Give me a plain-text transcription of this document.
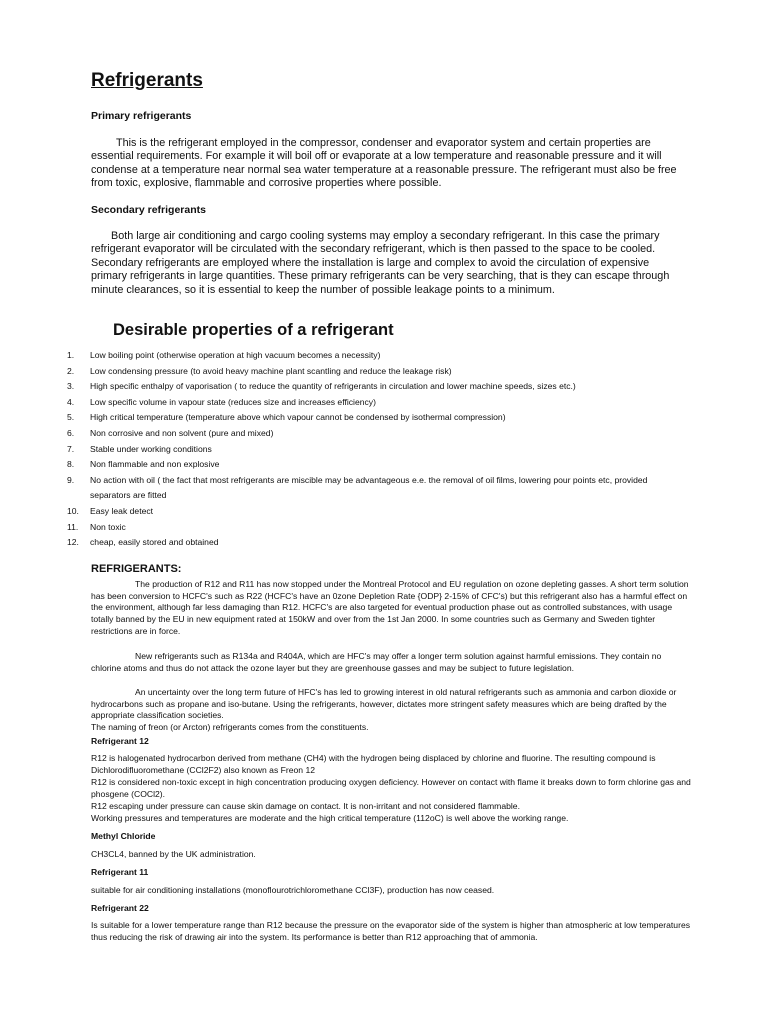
Refrigerants
Primary refrigerants

This is the refrigerant employed in the compressor, condenser and evaporator system and certain properties are essential requirements. For example it will boil off or evaporate at a low temperature and reasonable pressure and it will condense at a temperature near normal sea water temperature at a reasonable pressure. The refrigerant must also be free from toxic, explosive, flammable and corrosive properties where possible.

Secondary refrigerants

Both large air conditioning and cargo cooling systems may employ a secondary refrigerant. In this case the primary refrigerant evaporator will be circulated with the secondary refrigerant, which is then passed to the space to be cooled. Secondary refrigerants are employed where the installation is large and complex to avoid the circulation of expensive primary refrigerants in large quantities. These primary refrigerants can be very searching, that is they can escape through minute clearances, so it is essential to keep the number of possible leakage points to a minimum.

Desirable properties of a refrigerant
1. Low boiling point (otherwise operation at high vacuum becomes a necessity)
2. Low condensing pressure (to avoid heavy machine plant scantling and reduce the leakage risk)
3. High specific enthalpy of vaporisation ( to reduce the quantity of refrigerants in circulation and lower machine speeds, sizes etc.)
4. Low specific volume in vapour state (reduces size and increases efficiency)
5. High critical temperature (temperature above which vapour cannot be condensed by isothermal compression)
6. Non corrosive and non solvent (pure and mixed)
7. Stable under working conditions
8. Non flammable and non explosive
9. No action with oil ( the fact that most refrigerants are miscible may be advantageous e.e. the removal of oil films, lowering pour points etc, provided separators are fitted
10. Easy leak detect
11. Non toxic
12. cheap, easily stored and obtained
REFRIGERANTS:

The production of R12 and R11 has now stopped under the Montreal Protocol and EU regulation on ozone depleting gasses. A short term solution has been conversion to HCFC's such as R22 (HCFC's have an 0zone Depletion Rate {ODP} 2-15% of CFC's) but this refrigerant also has a harmful effect on the environment, although far less damaging than R12. HCFC's are also targeted for eventual production phase out as controlled substances, with usage totally banned by the EU in new equipment rated at 150kW and over from the 1st Jan 2000. In some countries such as Germany and Sweden tighter restrictions are in force.

New refrigerants such as R134a and R404A, which are HFC's may offer a longer term solution against harmful emissions. They contain no chlorine atoms and thus do not attack the ozone layer but they are greenhouse gasses and may be subject to future legislation.

An uncertainty over the long term future of HFC's has led to growing interest in old natural refrigerants such as ammonia and carbon dioxide or hydrocarbons such as propane and iso-butane. Using the refrigerants, however, dictates more stringent safety measures which are being drafted by the appropriate classification societies.

The naming of freon (or Arcton) refrigerants comes from the constituents.

Refrigerant 12

R12 is halogenated hydrocarbon derived from methane (CH4) with the hydrogen being displaced by chlorine and fluorine. The resulting compound is Dichlorodifluoromethane (CCl2F2) also known as Freon 12

R12 is considered non-toxic except in high concentration producing oxygen deficiency. However on contact with flame it breaks down to form chlorine gas and phosgene (COCl2).

R12 escaping under pressure can cause skin damage on contact. It is non-irritant and not considered flammable.

Working pressures and temperatures are moderate and the high critical temperature (112oC) is well above the working range.

Methyl Chloride

CH3CL4, banned by the UK administration.

Refrigerant 11

suitable for air conditioning installations (monoflourotrichloromethane CCl3F), production has now ceased.

Refrigerant 22

Is suitable for a lower temperature range than R12 because the pressure on the evaporator side of the system is higher than atmospheric at low temperatures thus reducing the risk of drawing air into the system. Its performance is better than R12 approaching that of ammonia.
